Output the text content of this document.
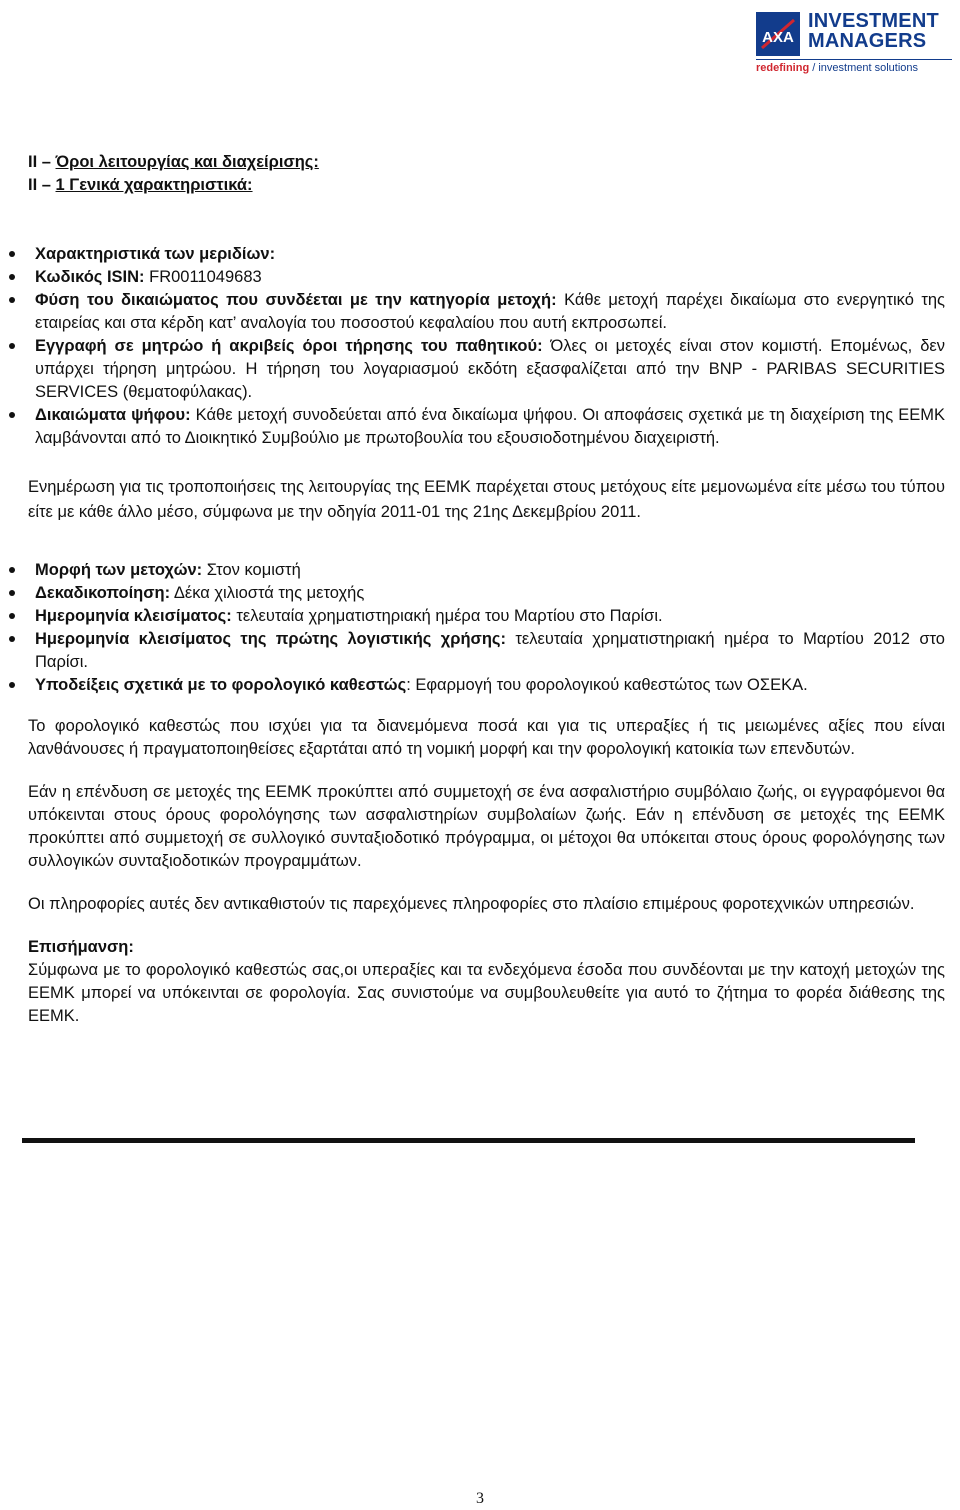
AXA
INVESTMENT
MANAGERS
redefining / investment solutions

II – Όροι λειτουργίας και διαχείρισης:

II – 1 Γενικά χαρακτηριστικά:

Χαρακτηριστικά των μεριδίων:
Κωδικός ISIN: FR0011049683
Φύση του δικαιώματος που συνδέεται με την κατηγορία μετοχή: Κάθε μετοχή παρέχει δικαίωμα στο ενεργητικό της εταιρείας και στα κέρδη κατ’ αναλογία του ποσοστού κεφαλαίου που αυτή εκπροσωπεί.
Εγγραφή σε μητρώο ή ακριβείς όροι τήρησης του παθητικού: Όλες οι μετοχές είναι στον κομιστή. Επομένως, δεν υπάρχει τήρηση μητρώου. Η τήρηση του λογαριασμού εκδότη εξασφαλίζεται από την BNP - PARIBAS SECURITIES SERVICES (θεματοφύλακας).
Δικαιώματα ψήφου: Κάθε μετοχή συνοδεύεται από ένα δικαίωμα ψήφου. Οι αποφάσεις σχετικά με τη διαχείριση της ΕΕΜΚ λαμβάνονται από το Διοικητικό Συμβούλιο με πρωτοβουλία του εξουσιοδοτημένου διαχειριστή.

Ενημέρωση για τις τροποποιήσεις της λειτουργίας της ΕΕΜΚ παρέχεται στους μετόχους είτε μεμονωμένα είτε μέσω του τύπου είτε με κάθε άλλο μέσο, σύμφωνα με την οδηγία 2011-01 της 21ης Δεκεμβρίου 2011.

Μορφή των μετοχών: Στον κομιστή
Δεκαδικοποίηση: Δέκα χιλιοστά της μετοχής
Ημερομηνία κλεισίματος: τελευταία χρηματιστηριακή ημέρα του Μαρτίου στο Παρίσι.
Ημερομηνία κλεισίματος της πρώτης λογιστικής χρήσης: τελευταία χρηματιστηριακή ημέρα το Μαρτίου 2012 στο Παρίσι.
Υποδείξεις σχετικά με το φορολογικό καθεστώς: Εφαρμογή του φορολογικού καθεστώτος των ΟΣΕΚΑ.

Το φορολογικό καθεστώς που ισχύει για τα διανεμόμενα ποσά και για τις υπεραξίες ή τις μειωμένες αξίες που είναι λανθάνουσες ή πραγματοποιηθείσες εξαρτάται από τη νομική μορφή και την φορολογική κατοικία των επενδυτών.

Εάν η επένδυση σε μετοχές της ΕΕΜΚ προκύπτει από συμμετοχή σε ένα ασφαλιστήριο συμβόλαιο ζωής, οι εγγραφόμενοι θα υπόκεινται στους όρους φορολόγησης των ασφαλιστηρίων συμβολαίων ζωής. Εάν η επένδυση σε μετοχές της ΕΕΜΚ προκύπτει από συμμετοχή σε συλλογικό συνταξιοδοτικό πρόγραμμα, οι μέτοχοι θα υπόκειται στους όρους φορολόγησης των συλλογικών συνταξιοδοτικών προγραμμάτων.

Οι πληροφορίες αυτές δεν αντικαθιστούν τις παρεχόμενες πληροφορίες στο πλαίσιο επιμέρους φοροτεχνικών υπηρεσιών.

Επισήμανση:

Σύμφωνα με το φορολογικό καθεστώς σας,οι υπεραξίες και τα ενδεχόμενα έσοδα που συνδέονται με την κατοχή μετοχών της ΕΕΜΚ μπορεί να υπόκεινται σε φορολογία. Σας συνιστούμε να συμβουλευθείτε για αυτό το ζήτημα το φορέα διάθεσης της ΕΕΜΚ.

3
